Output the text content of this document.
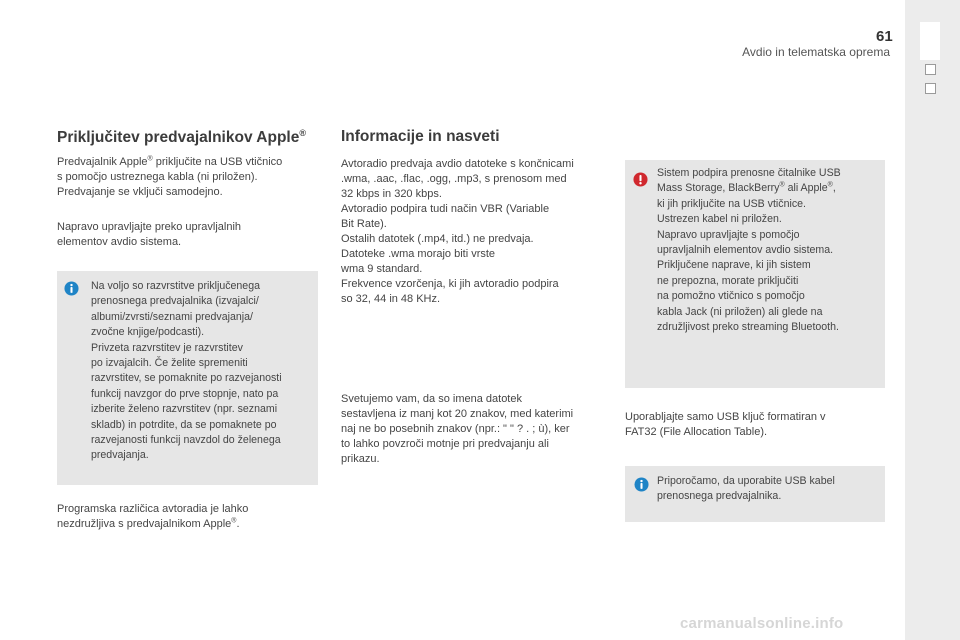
61
Avdio in telematska oprema
Priključitev predvajalnikov Apple®
Predvajalnik Apple® priključite na USB vtičnico
s pomočjo ustreznega kabla (ni priložen).
Predvajanje se vključi samodejno.
Napravo upravljajte preko upravljalnih
elementov avdio sistema.
Na voljo so razvrstitve priključenega
prenosnega predvajalnika (izvajalci/
albumi/zvrsti/seznami predvajanja/
zvočne knjige/podcasti).
Privzeta razvrstitev je razvrstitev
po izvajalcih. Če želite spremeniti
razvrstitev, se pomaknite po razvejanosti
funkcij navzgor do prve stopnje, nato pa
izberite želeno razvrstitev (npr. seznami
skladb) in potrdite, da se pomaknete po
razvejanosti funkcij navzdol do želenega
predvajanja.
Programska različica avtoradia je lahko
nezdružljiva s predvajalnikom Apple®.
Informacije in nasveti
Avtoradio predvaja avdio datoteke s končnicami
.wma, .aac, .flac, .ogg, .mp3, s prenosom med
32 kbps in 320 kbps.
Avtoradio podpira tudi način VBR (Variable
Bit Rate).
Ostalih datotek (.mp4, itd.) ne predvaja.
Datoteke .wma morajo biti vrste
wma 9 standard.
Frekvence vzorčenja, ki jih avtoradio podpira
so 32, 44 in 48 KHz.
Svetujemo vam, da so imena datotek
sestavljena iz manj kot 20 znakov, med katerimi
naj ne bo posebnih znakov (npr.: " " ? . ; ù), ker
to lahko povzroči motnje pri predvajanju ali
prikazu.
Sistem podpira prenosne čitalnike USB
Mass Storage, BlackBerry® ali Apple®,
ki jih priključite na USB vtičnice.
Ustrezen kabel ni priložen.
Napravo upravljajte s pomočjo
upravljalnih elementov avdio sistema.
Priključene naprave, ki jih sistem
ne prepozna, morate priključiti
na pomožno vtičnico s pomočjo
kabla Jack (ni priložen) ali glede na
združljivost preko streaming Bluetooth.
Uporabljajte samo USB ključ formatiran v
FAT32 (File Allocation Table).
Priporočamo, da uporabite USB kabel
prenosnega predvajalnika.
carmanualsonline.info
